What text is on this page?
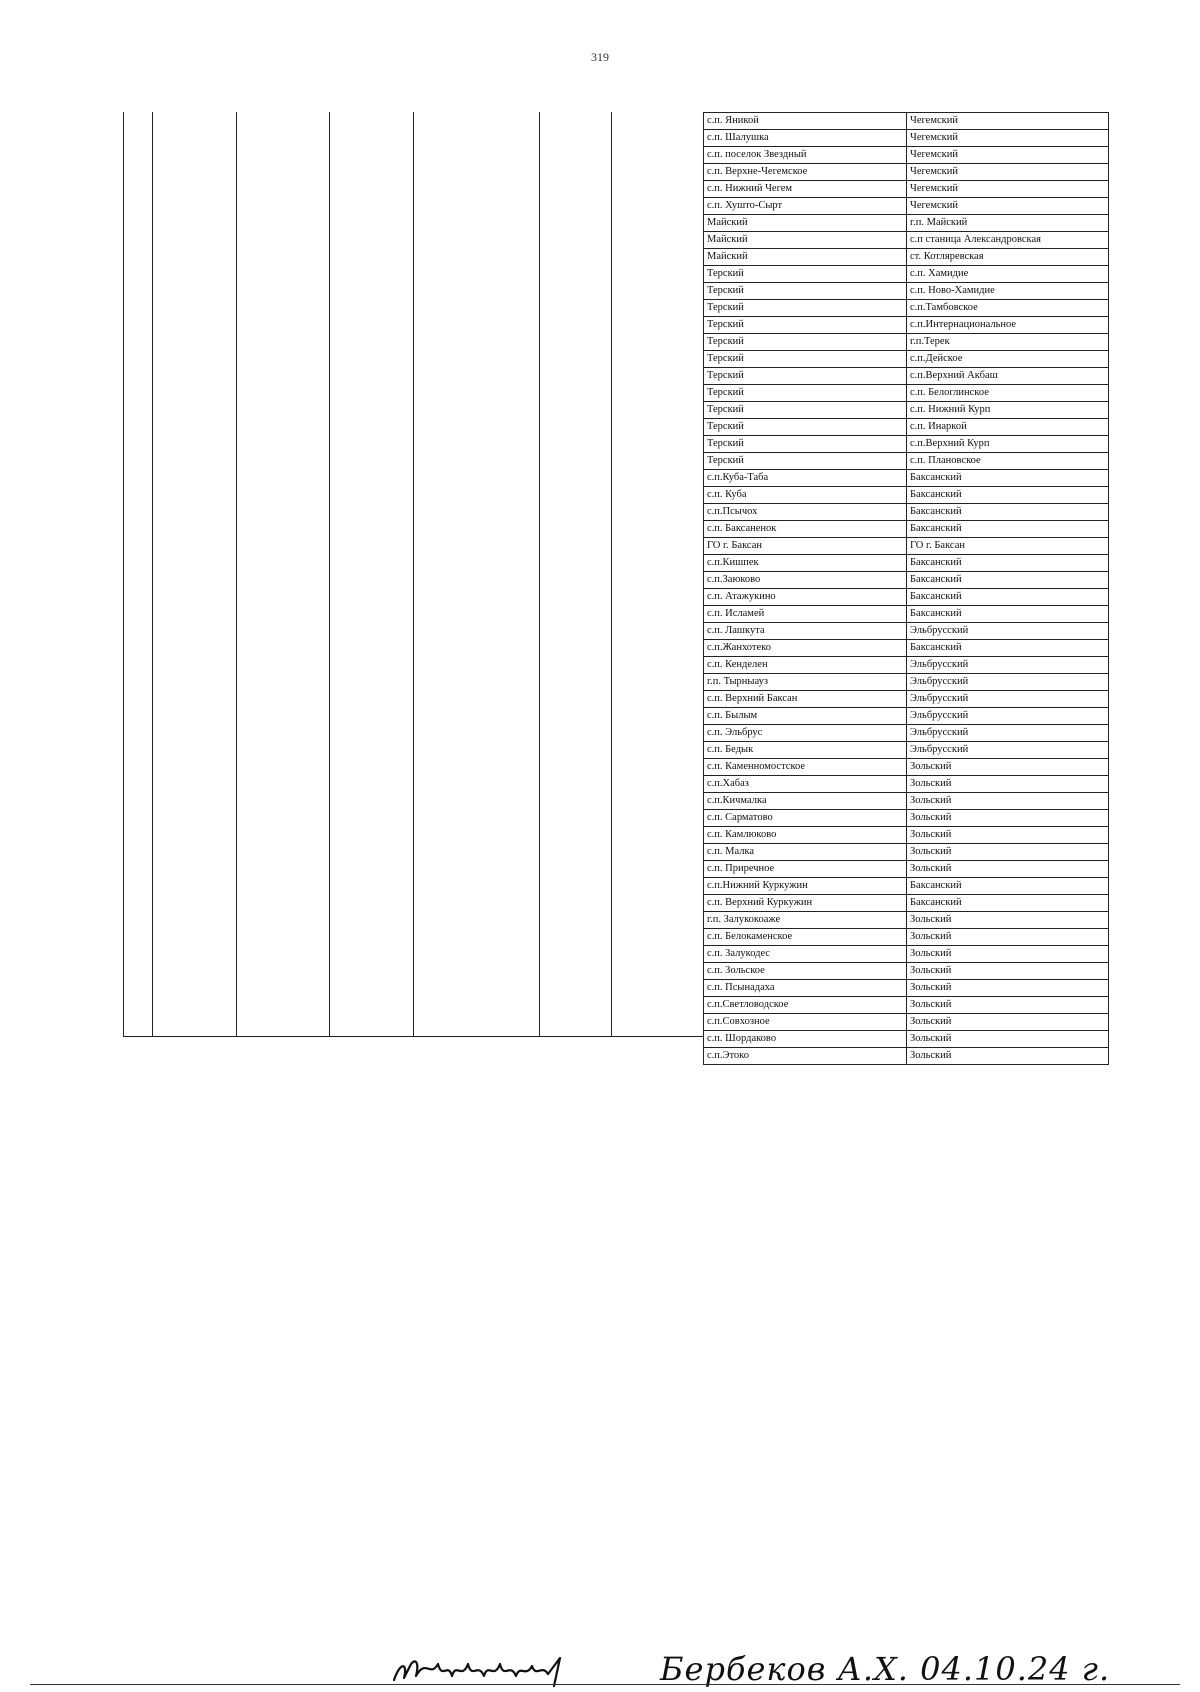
319
с.п. Яникой	Чегемский
с.п. Шалушка	Чегемский
с.п. поселок Звездный	Чегемский
с.п. Верхне-Чегемское	Чегемский
с.п. Нижний Чегем	Чегемский
с.п. Хушто-Сырт	Чегемский
Майский	г.п. Майский
Майский	с.п станица Александровская
Майский	ст. Котляревская
Терский	с.п. Хамидие
Терский	с.п. Ново-Хамидие
Терский	с.п.Тамбовское
Терский	с.п.Интернациональное
Терский	г.п.Терек
Терский	с.п.Дейское
Терский	с.п.Верхний Акбаш
Терский	с.п. Белоглинское
Терский	с.п. Нижний Курп
Терский	с.п. Инаркой
Терский	с.п.Верхний Курп
Терский	с.п. Плановское
с.п.Куба-Таба	Баксанский
с.п. Куба	Баксанский
с.п.Псычох	Баксанский
с.п. Баксаненок	Баксанский
ГО г. Баксан	ГО г. Баксан
с.п.Кишпек	Баксанский
с.п.Заюково	Баксанский
с.п. Атажукино	Баксанский
с.п. Исламей	Баксанский
с.п. Лашкута	Эльбрусский
с.п.Жанхотеко	Баксанский
с.п. Кенделен	Эльбрусский
г.п. Тырныауз	Эльбрусский
с.п. Верхний Баксан	Эльбрусский
с.п. Былым	Эльбрусский
с.п. Эльбрус	Эльбрусский
с.п. Бедык	Эльбрусский
с.п. Каменномостское	Зольский
с.п.Хабаз	Зольский
с.п.Кичмалка	Зольский
с.п. Сарматово	Зольский
с.п. Камлюково	Зольский
с.п. Малка	Зольский
с.п. Приречное	Зольский
с.п.Нижний Куркужин	Баксанский
с.п. Верхний Куркужин	Баксанский
г.п. Залукокоаже	Зольский
с.п. Белокаменское	Зольский
с.п. Залукодес	Зольский
с.п. Зольское	Зольский
с.п. Псынадаха	Зольский
с.п.Светловодское	Зольский
с.п.Совхозное	Зольский
с.п. Шордаково	Зольский
с.п.Этоко	Зольский
Бербеков А.Х. 04.10.24 г.
